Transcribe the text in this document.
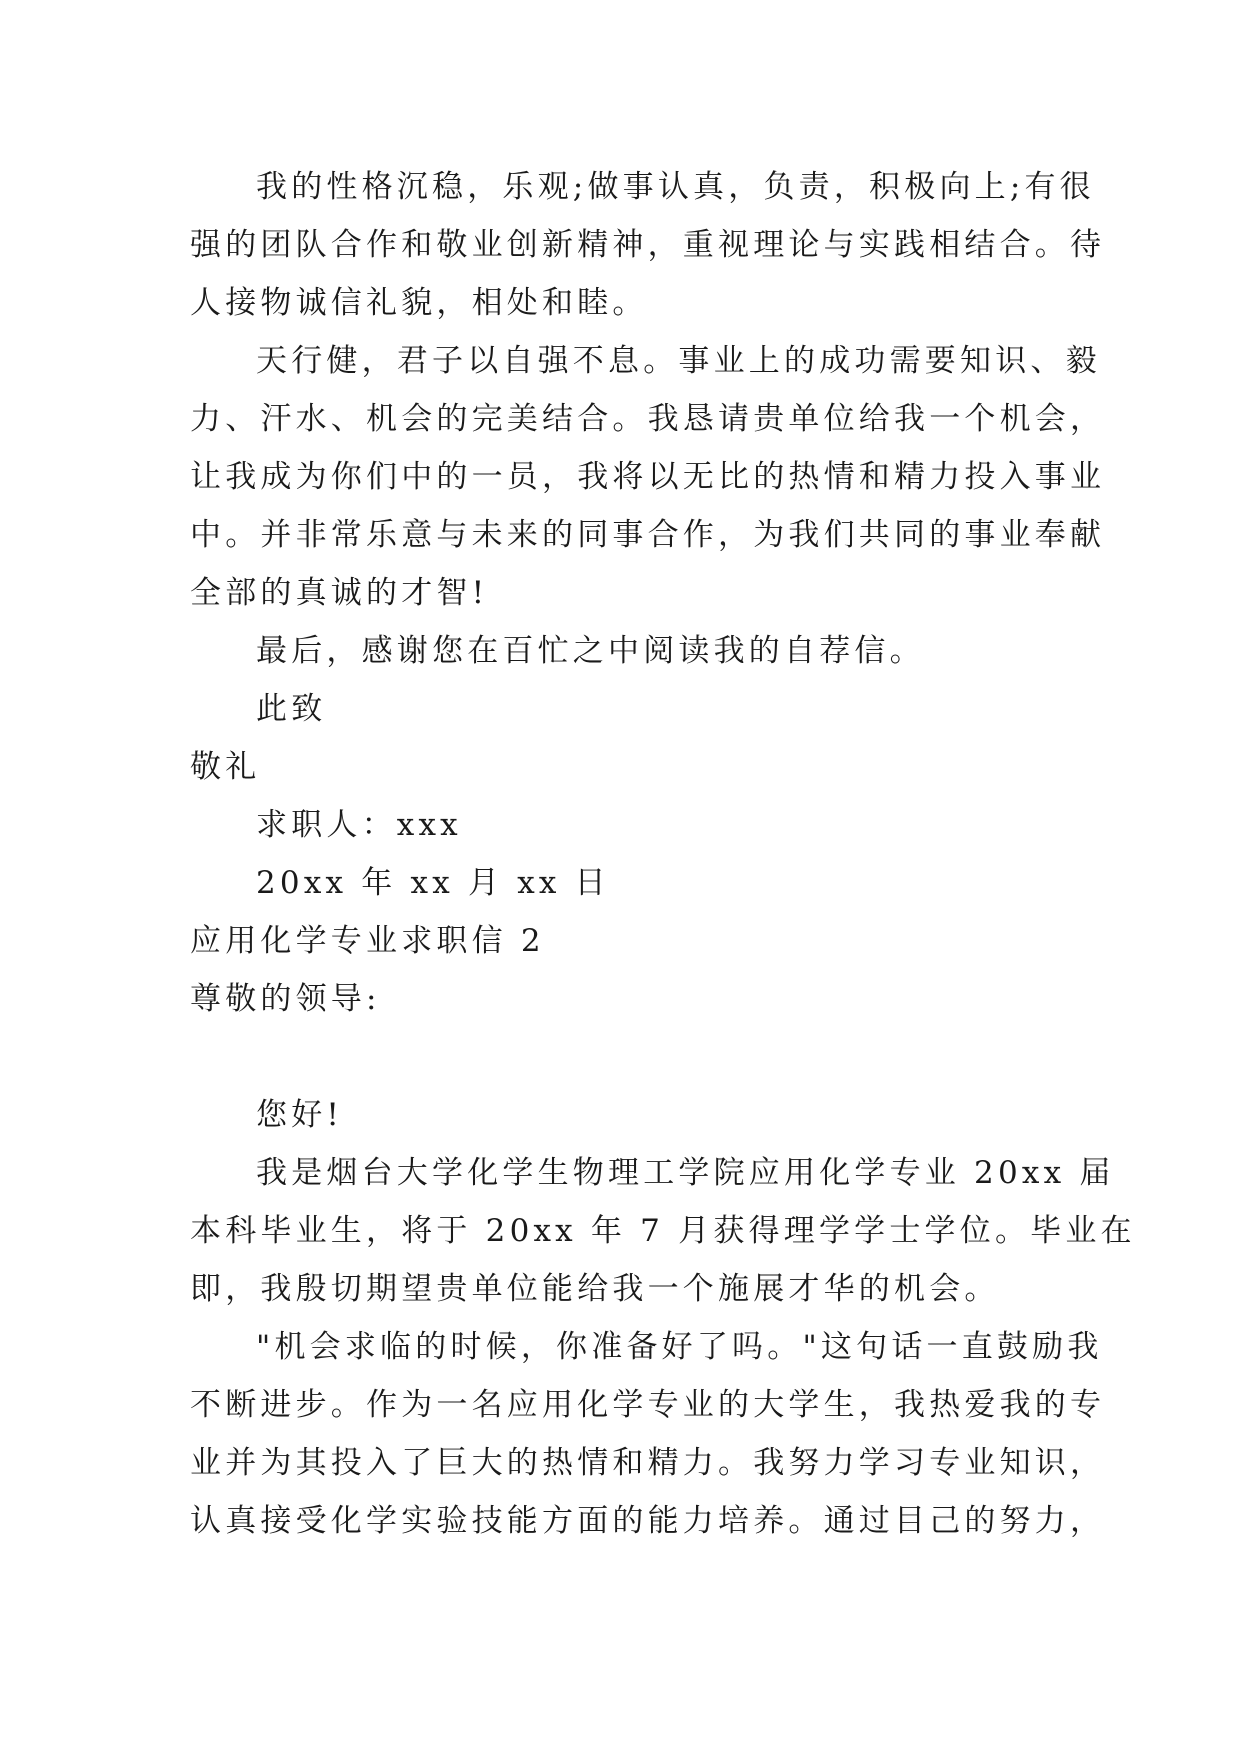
我的性格沉稳，乐观;做事认真，负责，积极向上;有很
强的团队合作和敬业创新精神，重视理论与实践相结合。待
人接物诚信礼貌，相处和睦。
天行健，君子以自强不息。事业上的成功需要知识、毅
力、汗水、机会的完美结合。我恳请贵单位给我一个机会，
让我成为你们中的一员，我将以无比的热情和精力投入事业
中。并非常乐意与未来的同事合作，为我们共同的事业奉献
全部的真诚的才智!
最后，感谢您在百忙之中阅读我的自荐信。
此致
敬礼
求职人：xxx
20xx 年 xx 月 xx 日
应用化学专业求职信 2
尊敬的领导:
您好!
我是烟台大学化学生物理工学院应用化学专业 20xx 届
本科毕业生，将于 20xx 年 7 月获得理学学士学位。毕业在
即，我殷切期望贵单位能给我一个施展才华的机会。
"机会求临的时候，你准备好了吗。"这句话一直鼓励我
不断进步。作为一名应用化学专业的大学生，我热爱我的专
业并为其投入了巨大的热情和精力。我努力学习专业知识，
认真接受化学实验技能方面的能力培养。通过目己的努力，
